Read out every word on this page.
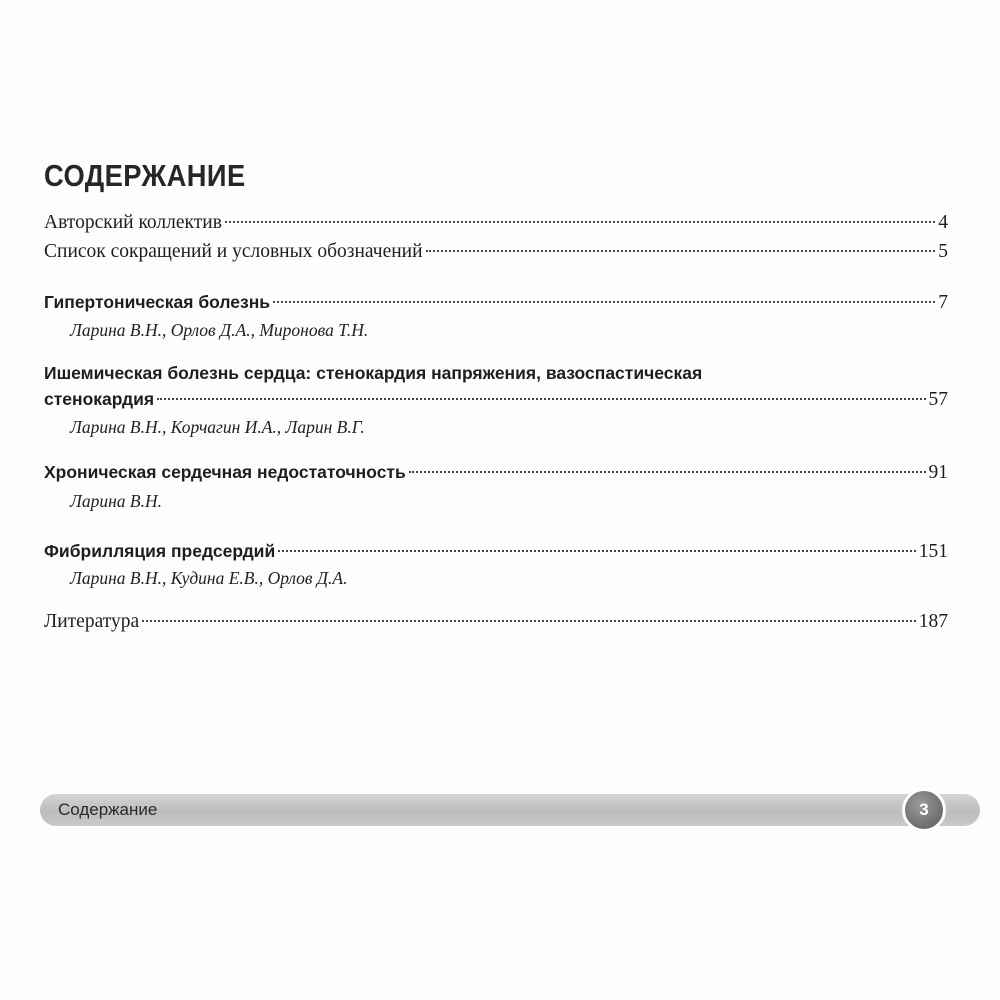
СОДЕРЖАНИЕ
Авторский коллектив	4
Список сокращений и условных обозначений	5
Гипертоническая болезнь	7
Ларина В.Н., Орлов Д.А., Миронова Т.Н.
Ишемическая болезнь сердца: стенокардия напряжения, вазоспастическая
стенокардия	57
Ларина В.Н., Корчагин И.А., Ларин В.Г.
Хроническая сердечная недостаточность	91
Ларина В.Н.
Фибрилляция предсердий	151
Ларина В.Н., Кудина Е.В., Орлов Д.А.
Литература	187
Содержание	3
